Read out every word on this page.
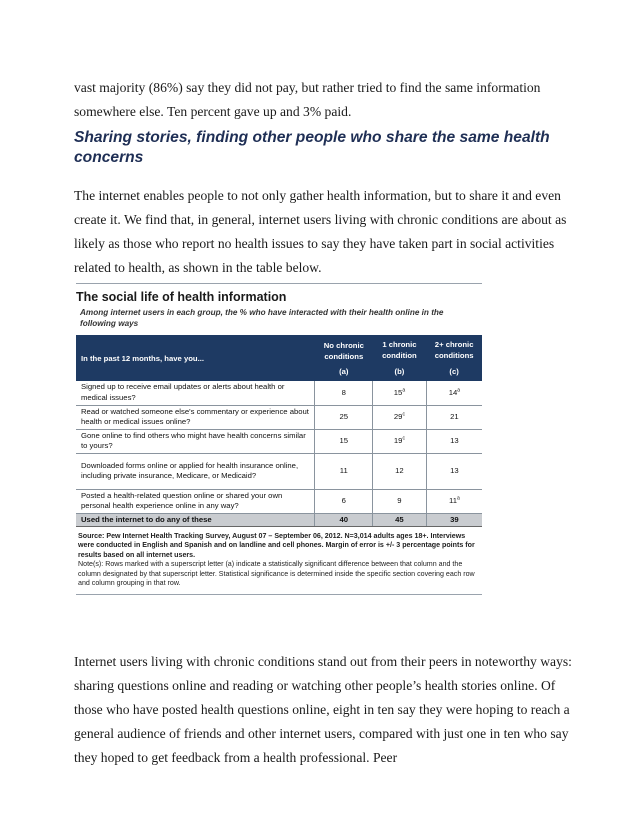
vast majority (86%) say they did not pay, but rather tried to find the same information somewhere else. Ten percent gave up and 3% paid.

Sharing stories, finding other people who share the same health concerns

The internet enables people to not only gather health information, but to share it and even create it. We find that, in general, internet users living with chronic conditions are about as likely as those who report no health issues to say they have taken part in social activities related to health, as shown in the table below.

The social life of health information
Among internet users in each group, the % who have interacted with their health online in the following ways
In the past 12 months, have you...	No chronic conditions	1 chronic condition	2+ chronic conditions
	(a)	(b)	(c)
Signed up to receive email updates or alerts about health or medical issues?	8	15$^a$	14$^a$
Read or watched someone else's commentary or experience about health or medical issues online?	25	29$^c$	21
Gone online to find others who might have health concerns similar to yours?	15	19$^c$	13
Downloaded forms online or applied for health insurance online, including private insurance, Medicare, or Medicaid?	11	12	13
Posted a health-related question online or shared your own personal health experience online in any way?	6	9	11$^a$
Used the internet to do any of these	40	45	39
Source: Pew Internet Health Tracking Survey, August 07 – September 06, 2012. N=3,014 adults ages 18+. Interviews were conducted in English and Spanish and on landline and cell phones. Margin of error is +/- 3 percentage points for results based on all internet users.
Note(s): Rows marked with a superscript letter (a) indicate a statistically significant difference between that column and the column designated by that superscript letter. Statistical significance is determined inside the specific section covering each row and column grouping in that row.

Internet users living with chronic conditions stand out from their peers in noteworthy ways: sharing questions online and reading or watching other people’s health stories online. Of those who have posted health questions online, eight in ten say they were hoping to reach a general audience of friends and other internet users, compared with just one in ten who say they hoped to get feedback from a health professional. Peer
